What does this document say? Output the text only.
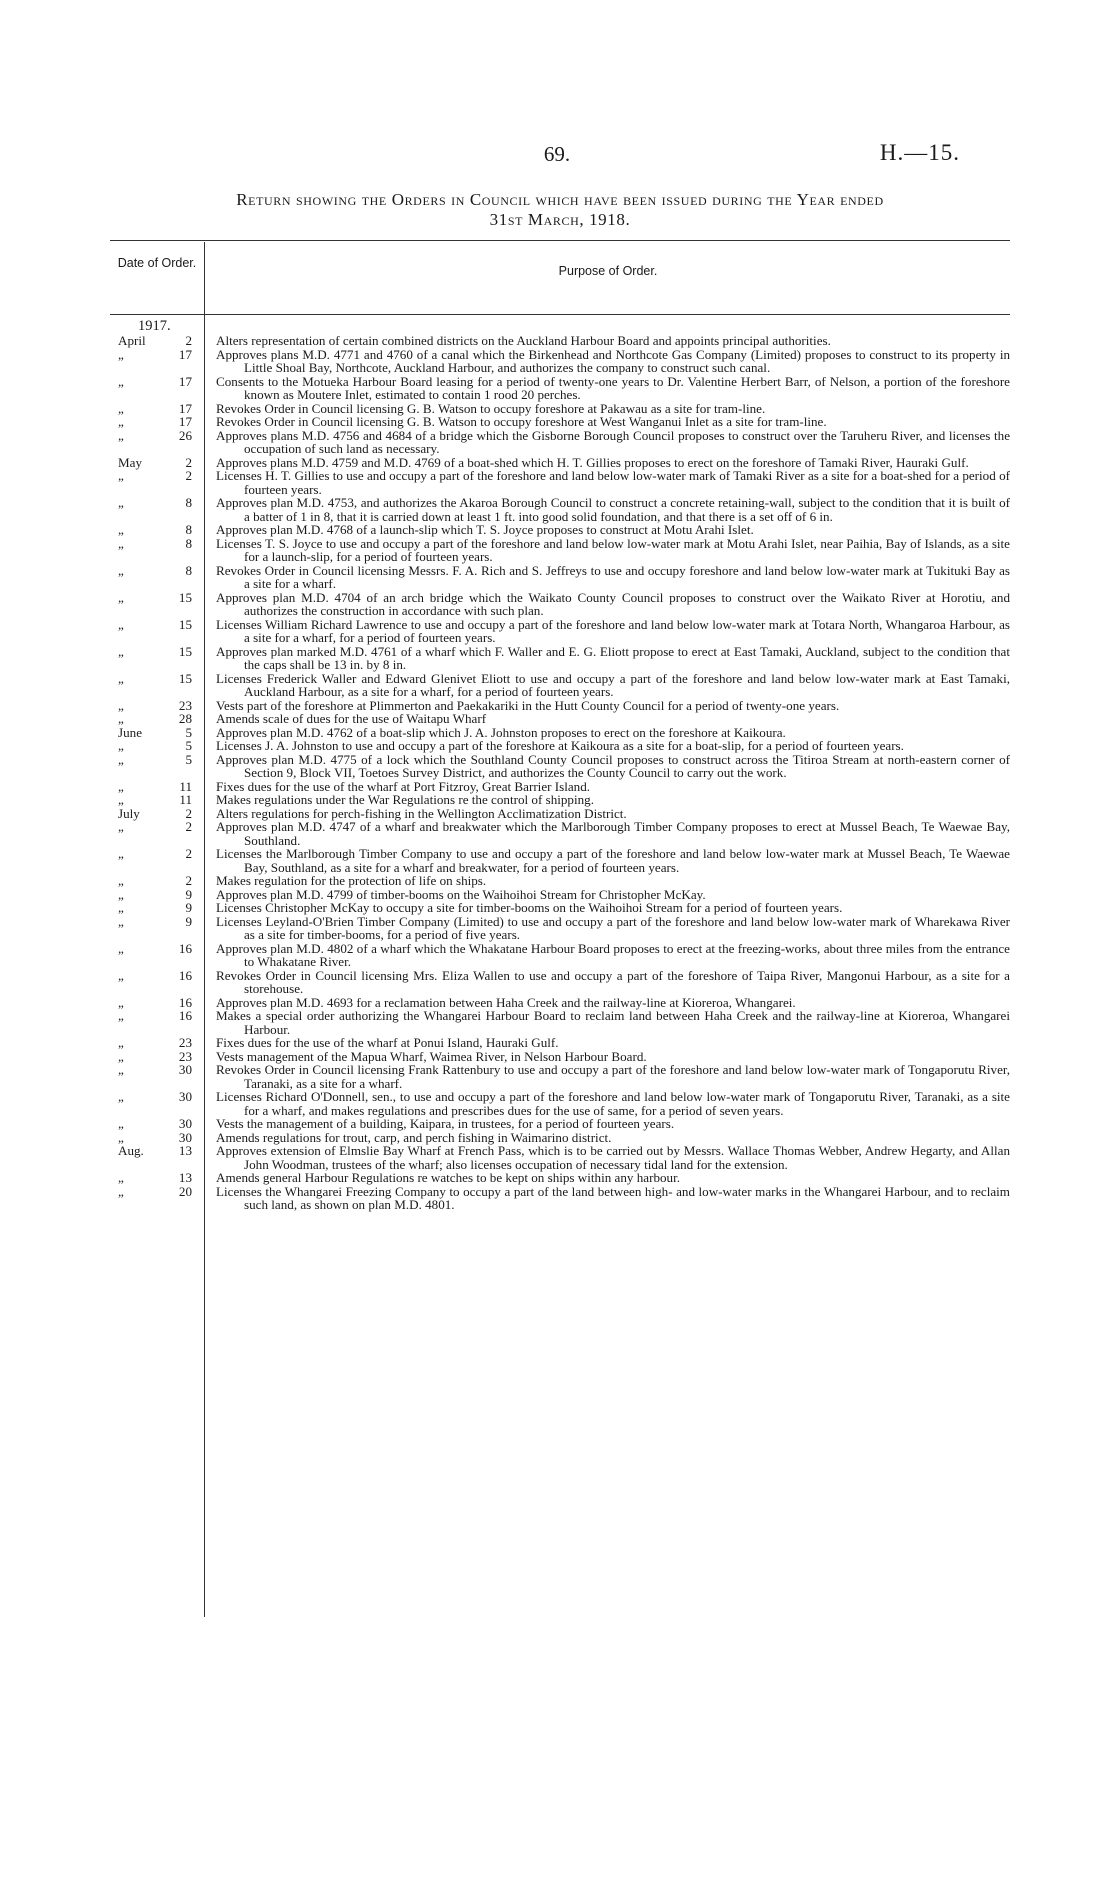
69.	H.—15.
Return showing the Orders in Council which have been issued during the Year ended
31st March, 1918.
Date of Order.
Purpose of Order.
1917.
April	2 Alters representation of certain combined districts on the Auckland Harbour Board and appoints principal authorities.
„	17 Approves plans M.D. 4771 and 4760 of a canal which the Birkenhead and Northcote Gas Company (Limited) proposes to construct to its property in Little Shoal Bay, Northcote, Auckland Harbour, and authorizes the company to construct such canal.
„	17 Consents to the Motueka Harbour Board leasing for a period of twenty-one years to Dr. Valentine Herbert Barr, of Nelson, a portion of the foreshore known as Moutere Inlet, estimated to contain 1 rood 20 perches.
„	17 Revokes Order in Council licensing G. B. Watson to occupy foreshore at Pakawau as a site for tram-line.
„	17 Revokes Order in Council licensing G. B. Watson to occupy foreshore at West Wanganui Inlet as a site for tram-line.
„	26 Approves plans M.D. 4756 and 4684 of a bridge which the Gisborne Borough Council proposes to construct over the Taruheru River, and licenses the occupation of such land as necessary.
May	2 Approves plans M.D. 4759 and M.D. 4769 of a boat-shed which H. T. Gillies proposes to erect on the foreshore of Tamaki River, Hauraki Gulf.
„	2 Licenses H. T. Gillies to use and occupy a part of the foreshore and land below low-water mark of Tamaki River as a site for a boat-shed for a period of fourteen years.
„	8 Approves plan M.D. 4753, and authorizes the Akaroa Borough Council to construct a concrete retaining-wall, subject to the condition that it is built of a batter of 1 in 8, that it is carried down at least 1 ft. into good solid foundation, and that there is a set off of 6 in.
„	8 Approves plan M.D. 4768 of a launch-slip which T. S. Joyce proposes to construct at Motu Arahi Islet.
„	8 Licenses T. S. Joyce to use and occupy a part of the foreshore and land below low-water mark at Motu Arahi Islet, near Paihia, Bay of Islands, as a site for a launch-slip, for a period of fourteen years.
„	8 Revokes Order in Council licensing Messrs. F. A. Rich and S. Jeffreys to use and occupy foreshore and land below low-water mark at Tukituki Bay as a site for a wharf.
„	15 Approves plan M.D. 4704 of an arch bridge which the Waikato County Council proposes to construct over the Waikato River at Horotiu, and authorizes the construction in accordance with such plan.
„	15 Licenses William Richard Lawrence to use and occupy a part of the foreshore and land below low-water mark at Totara North, Whangaroa Harbour, as a site for a wharf, for a period of fourteen years.
„	15 Approves plan marked M.D. 4761 of a wharf which F. Waller and E. G. Eliott propose to erect at East Tamaki, Auckland, subject to the condition that the caps shall be 13 in. by 8 in.
„	15 Licenses Frederick Waller and Edward Glenivet Eliott to use and occupy a part of the foreshore and land below low-water mark at East Tamaki, Auckland Harbour, as a site for a wharf, for a period of fourteen years.
„	23 Vests part of the foreshore at Plimmerton and Paekakariki in the Hutt County Council for a period of twenty-one years.
„	28 Amends scale of dues for the use of Waitapu Wharf
June	5 Approves plan M.D. 4762 of a boat-slip which J. A. Johnston proposes to erect on the foreshore at Kaikoura.
„	5 Licenses J. A. Johnston to use and occupy a part of the foreshore at Kaikoura as a site for a boat-slip, for a period of fourteen years.
„	5 Approves plan M.D. 4775 of a lock which the Southland County Council proposes to construct across the Titiroa Stream at north-eastern corner of Section 9, Block VII, Toetoes Survey District, and authorizes the County Council to carry out the work.
„	11 Fixes dues for the use of the wharf at Port Fitzroy, Great Barrier Island.
„	11 Makes regulations under the War Regulations re the control of shipping.
July	2 Alters regulations for perch-fishing in the Wellington Acclimatization District.
„	2 Approves plan M.D. 4747 of a wharf and breakwater which the Marlborough Timber Company proposes to erect at Mussel Beach, Te Waewae Bay, Southland.
„	2 Licenses the Marlborough Timber Company to use and occupy a part of the foreshore and land below low-water mark at Mussel Beach, Te Waewae Bay, Southland, as a site for a wharf and breakwater, for a period of fourteen years.
„	2 Makes regulation for the protection of life on ships.
„	9 Approves plan M.D. 4799 of timber-booms on the Waihoihoi Stream for Christopher McKay.
„	9 Licenses Christopher McKay to occupy a site for timber-booms on the Waihoihoi Stream for a period of fourteen years.
„	9 Licenses Leyland-O'Brien Timber Company (Limited) to use and occupy a part of the foreshore and land below low-water mark of Wharekawa River as a site for timber-booms, for a period of five years.
„	16 Approves plan M.D. 4802 of a wharf which the Whakatane Harbour Board proposes to erect at the freezing-works, about three miles from the entrance to Whakatane River.
„	16 Revokes Order in Council licensing Mrs. Eliza Wallen to use and occupy a part of the foreshore of Taipa River, Mangonui Harbour, as a site for a storehouse.
„	16 Approves plan M.D. 4693 for a reclamation between Haha Creek and the railway-line at Kioreroa, Whangarei.
„	16 Makes a special order authorizing the Whangarei Harbour Board to reclaim land between Haha Creek and the railway-line at Kioreroa, Whangarei Harbour.
„	23 Fixes dues for the use of the wharf at Ponui Island, Hauraki Gulf.
„	23 Vests management of the Mapua Wharf, Waimea River, in Nelson Harbour Board.
„	30 Revokes Order in Council licensing Frank Rattenbury to use and occupy a part of the foreshore and land below low-water mark of Tongaporutu River, Taranaki, as a site for a wharf.
„	30 Licenses Richard O'Donnell, sen., to use and occupy a part of the foreshore and land below low-water mark of Tongaporutu River, Taranaki, as a site for a wharf, and makes regulations and prescribes dues for the use of same, for a period of seven years.
„	30 Vests the management of a building, Kaipara, in trustees, for a period of fourteen years.
„	30 Amends regulations for trout, carp, and perch fishing in Waimarino district.
Aug.	13 Approves extension of Elmslie Bay Wharf at French Pass, which is to be carried out by Messrs. Wallace Thomas Webber, Andrew Hegarty, and Allan John Woodman, trustees of the wharf; also licenses occupation of necessary tidal land for the extension.
„	13 Amends general Harbour Regulations re watches to be kept on ships within any harbour.
„	20 Licenses the Whangarei Freezing Company to occupy a part of the land between high- and low-water marks in the Whangarei Harbour, and to reclaim such land, as shown on plan M.D. 4801.
